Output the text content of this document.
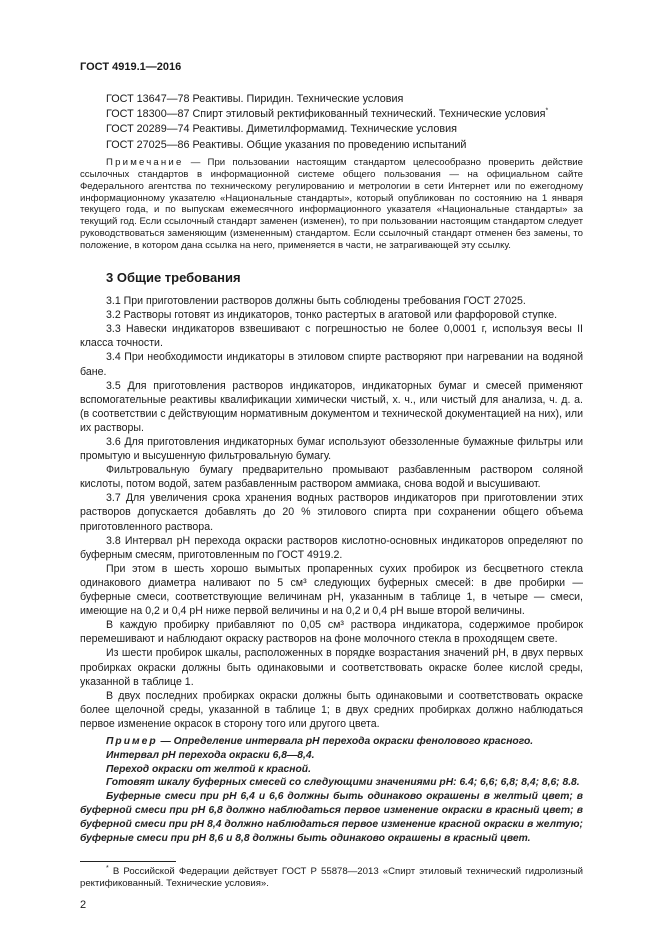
ГОСТ 4919.1—2016
ГОСТ 13647—78 Реактивы. Пиридин. Технические условия
ГОСТ 18300—87 Спирт этиловый ректификованный технический. Технические условия*
ГОСТ 20289—74 Реактивы. Диметилформамид. Технические условия
ГОСТ 27025—86 Реактивы. Общие указания по проведению испытаний
Примечание — При пользовании настоящим стандартом целесообразно проверить действие ссылочных стандартов в информационной системе общего пользования — на официальном сайте Федерального агентства по техническому регулированию и метрологии в сети Интернет или по ежегодному информационному указателю «Национальные стандарты», который опубликован по состоянию на 1 января текущего года, и по выпускам ежемесячного информационного указателя «Национальные стандарты» за текущий год. Если ссылочный стандарт заменен (изменен), то при пользовании настоящим стандартом следует руководствоваться заменяющим (измененным) стандартом. Если ссылочный стандарт отменен без замены, то положение, в котором дана ссылка на него, применяется в части, не затрагивающей эту ссылку.
3 Общие требования

3.1 При приготовлении растворов должны быть соблюдены требования ГОСТ 27025.

3.2 Растворы готовят из индикаторов, тонко растертых в агатовой или фарфоровой ступке.

3.3 Навески индикаторов взвешивают с погрешностью не более 0,0001 г, используя весы II класса точности.

3.4 При необходимости индикаторы в этиловом спирте растворяют при нагревании на водяной бане.

3.5 Для приготовления растворов индикаторов, индикаторных бумаг и смесей применяют вспомогательные реактивы квалификации химически чистый, х. ч., или чистый для анализа, ч. д. а. (в соответствии с действующим нормативным документом и технической документацией на них), или их растворы.

3.6 Для приготовления индикаторных бумаг используют обеззоленные бумажные фильтры или промытую и высушенную фильтровальную бумагу.

Фильтровальную бумагу предварительно промывают разбавленным раствором соляной кислоты, потом водой, затем разбавленным раствором аммиака, снова водой и высушивают.

3.7 Для увеличения срока хранения водных растворов индикаторов при приготовлении этих растворов допускается добавлять до 20 % этилового спирта при сохранении общего объема приготовленного раствора.

3.8 Интервал рН перехода окраски растворов кислотно-основных индикаторов определяют по буферным смесям, приготовленным по ГОСТ 4919.2.

При этом в шесть хорошо вымытых пропаренных сухих пробирок из бесцветного стекла одинакового диаметра наливают по 5 см³ следующих буферных смесей: в две пробирки — буферные смеси, соответствующие величинам рН, указанным в таблице 1, в четыре — смеси, имеющие на 0,2 и 0,4 рН ниже первой величины и на 0,2 и 0,4 рН выше второй величины.

В каждую пробирку прибавляют по 0,05 см³ раствора индикатора, содержимое пробирок перемешивают и наблюдают окраску растворов на фоне молочного стекла в проходящем свете.

Из шести пробирок шкалы, расположенных в порядке возрастания значений рН, в двух первых пробирках окраски должны быть одинаковыми и соответствовать окраске более кислой среды, указанной в таблице 1.

В двух последних пробирках окраски должны быть одинаковыми и соответствовать окраске более щелочной среды, указанной в таблице 1; в двух средних пробирках должно наблюдаться первое изменение окрасок в сторону того или другого цвета.

Пример — Определение интервала рН перехода окраски фенолового красного.

Интервал рН перехода окраски 6,8—8,4.

Переход окраски от желтой к красной.

Готовят шкалу буферных смесей со следующими значениями рН: 6.4; 6,6; 6,8; 8,4; 8,6; 8.8.

Буферные смеси при рН 6,4 и 6,6 должны быть одинаково окрашены в желтый цвет; в буферной смеси при рН 6,8 должно наблюдаться первое изменение окраски в красный цвет; в буферной смеси при рН 8,4 должно наблюдаться первое изменение красной окраски в желтую; буферные смеси при рН 8,6 и 8,8 должны быть одинаково окрашены в красный цвет.

* В Российской Федерации действует ГОСТ Р 55878—2013 «Спирт этиловый технический гидролизный ректификованный. Технические условия».
2
